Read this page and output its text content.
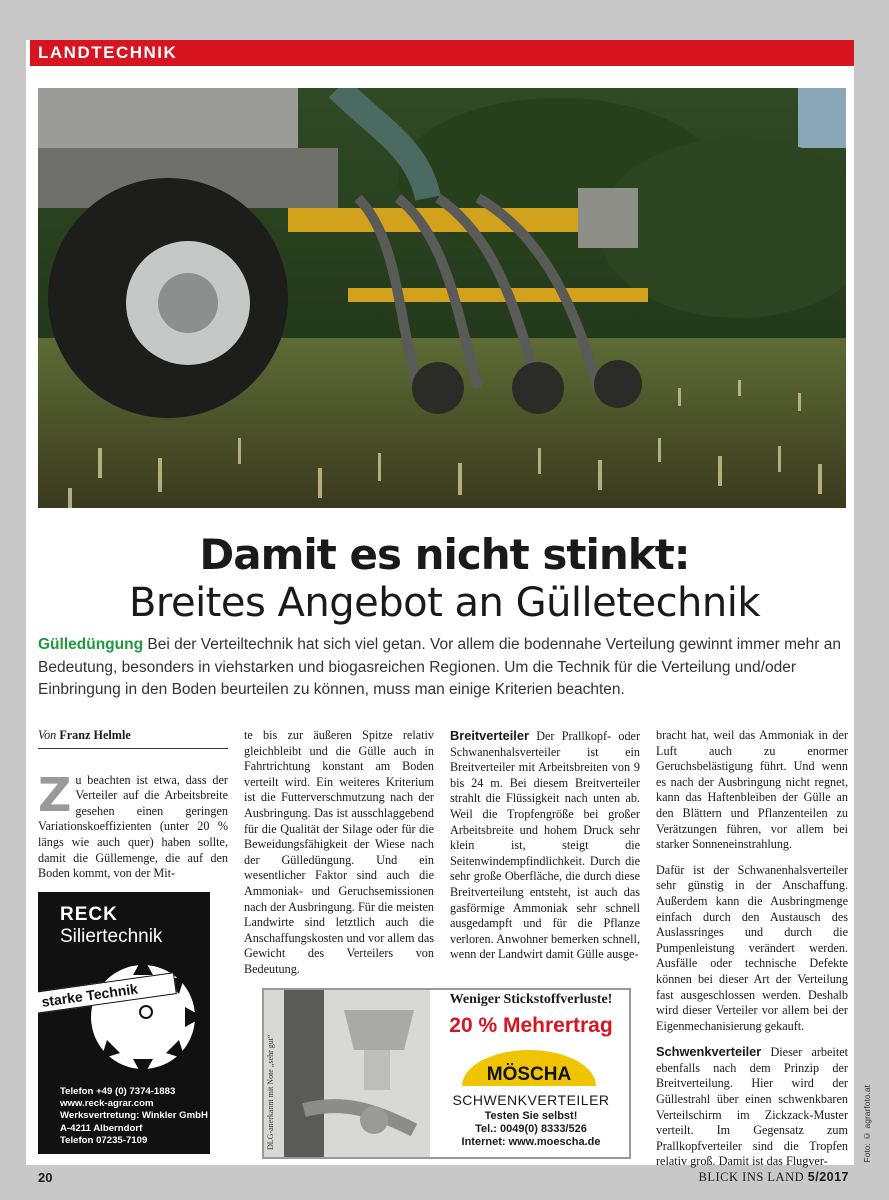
LANDTECHNIK
Damit es nicht stinkt:
Breites Angebot an Gülletechnik
Gülledüngung Bei der Verteiltechnik hat sich viel getan. Vor allem die bodennahe Verteilung gewinnt immer mehr an Bedeutung, besonders in viehstarken und biogasreichen Regionen. Um die Technik für die Verteilung und/oder Einbringung in den Boden beurteilen zu können, muss man einige Kriterien beachten.
Von Franz Helmle

Zu beachten ist etwa, dass der Verteiler auf die Arbeitsbreite gesehen einen geringen Variationskoeffizienten (unter 20 % längs wie auch quer) haben sollte, damit die Güllemenge, die auf den Boden kommt, von der Mit-

te bis zur äußeren Spitze relativ gleichbleibt und die Gülle auch in Fahrtrichtung konstant am Boden verteilt wird. Ein weiteres Kriterium ist die Futterverschmutzung nach der Ausbringung. Das ist ausschlaggebend für die Qualität der Silage oder für die Beweidungsfähigkeit der Wiese nach der Gülledüngung. Und ein wesentlicher Faktor sind auch die Ammoniak- und Geruchsemissionen nach der Ausbringung. Für die meisten Landwirte sind letztlich auch die Anschaffungskosten und vor allem das Gewicht des Verteilers von Bedeutung.

Breitverteiler Der Prallkopf- oder Schwanenhalsverteiler ist ein Breitverteiler mit Arbeitsbreiten von 9 bis 24 m. Bei diesem Breitverteiler strahlt die Flüssigkeit nach unten ab. Weil die Tropfengröße bei großer Arbeitsbreite und hohem Druck sehr klein ist, steigt die Seitenwindempfindlichkeit. Durch die sehr große Oberfläche, die durch diese Breitverteilung entsteht, ist auch das gasförmige Ammoniak sehr schnell ausgedampft und für die Pflanze verloren. Anwohner bemerken schnell, wenn der Landwirt damit Gülle ausge-

bracht hat, weil das Ammoniak in der Luft auch zu enormer Geruchsbelästigung führt. Und wenn es nach der Ausbringung nicht regnet, kann das Haftenbleiben der Gülle an den Blättern und Pflanzenteilen zu Verätzungen führen, vor allem bei starker Sonneneinstrahlung.

Dafür ist der Schwanenhalsverteiler sehr günstig in der Anschaffung. Außerdem kann die Ausbringmenge einfach durch den Austausch des Auslassringes und durch die Pumpenleistung verändert werden. Ausfälle oder technische Defekte können bei dieser Art der Verteilung fast ausgeschlossen werden. Deshalb wird dieser Verteiler vor allem bei der Eigenmechanisierung gekauft.

Schwenkverteiler Dieser arbeitet ebenfalls nach dem Prinzip der Breitverteilung. Hier wird der Güllestrahl über einen schwenkbaren Verteilschirm im Zickzack-Muster verteilt. Im Gegensatz zum Prallkopfverteiler sind die Tropfen relativ groß. Damit ist das Flugver-

RECK
Siliertechnik
starke Technik
Telefon +49 (0) 7374-1883
www.reck-agrar.com
Werksvertretung: Winkler GmbH
A-4211 Alberndorf
Telefon 07235-7109	DLG-anerkannt mit Note „sehr gut“
Weniger Stickstoffverluste!
20 % Mehrertrag
MÖSCHA
SCHWENKVERTEILER
Testen Sie selbst!
Tel.: 0049(0) 8333/526
Internet: www.moescha.de	Foto: © agrarfoto.at
20	BLICK INS LAND 5/2017
